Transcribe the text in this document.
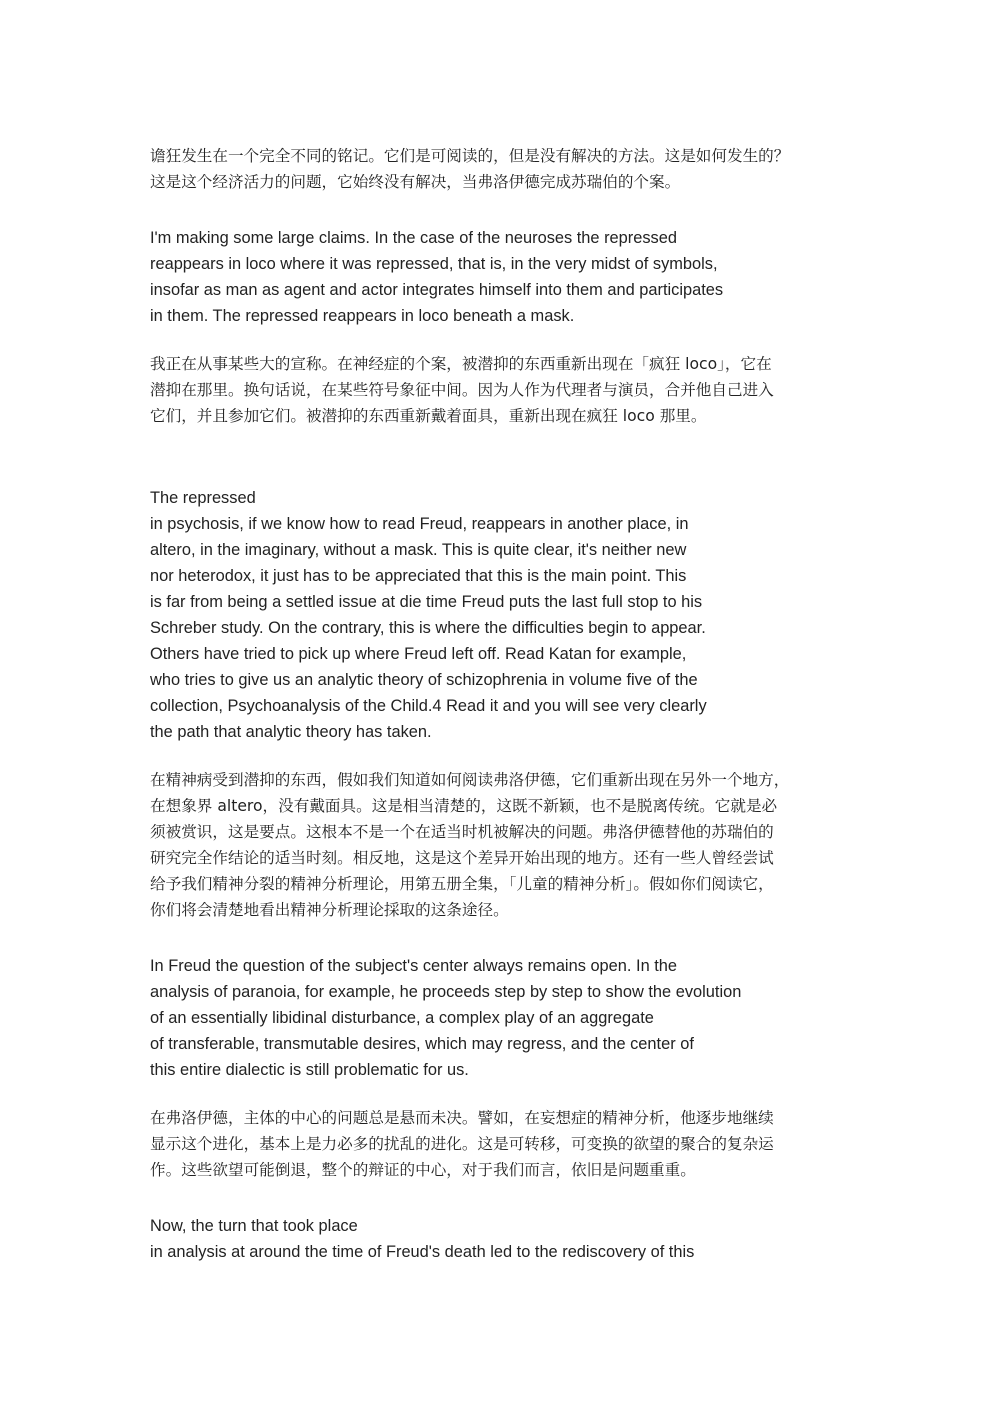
谵狂发生在一个完全不同的铭记。它们是可阅读的，但是没有解决的方法。这是如何发生的？
这是这个经济活力的问题，它始终没有解决，当弗洛伊德完成苏瑞伯的个案。
I'm making some large claims. In the case of the neuroses the repressed
reappears in loco where it was repressed, that is, in the very midst of symbols,
insofar as man as agent and actor integrates himself into them and participates
in them. The repressed reappears in loco beneath a mask.
我正在从事某些大的宣称。在神经症的个案，被潜抑的东西重新出现在「疯狂 loco」，它在
潜抑在那里。换句话说，在某些符号象征中间。因为人作为代理者与演员，合并他自己进入
它们，并且参加它们。被潜抑的东西重新戴着面具，重新出现在疯狂 loco 那里。
The repressed
in psychosis, if we know how to read Freud, reappears in another place, in
altero, in the imaginary, without a mask. This is quite clear, it's neither new
nor heterodox, it just has to be appreciated that this is the main point. This
is far from being a settled issue at die time Freud puts the last full stop to his
Schreber study. On the contrary, this is where the difficulties begin to appear.
Others have tried to pick up where Freud left off. Read Katan for example,
who tries to give us an analytic theory of schizophrenia in volume five of the
collection, Psychoanalysis of the Child.4 Read it and you will see very clearly
the path that analytic theory has taken.
在精神病受到潜抑的东西，假如我们知道如何阅读弗洛伊德，它们重新出现在另外一个地方，
在想象界 altero，没有戴面具。这是相当清楚的，这既不新颖，也不是脱离传统。它就是必
须被赏识，这是要点。这根本不是一个在适当时机被解决的问题。弗洛伊德替他的苏瑞伯的
研究完全作结论的适当时刻。相反地，这是这个差异开始出现的地方。还有一些人曾经尝试
给予我们精神分裂的精神分析理论，用第五册全集，「儿童的精神分析」。假如你们阅读它，
你们将会清楚地看出精神分析理论採取的这条途径。
In Freud the question of the subject's center always remains open. In the
analysis of paranoia, for example, he proceeds step by step to show the evolution
of an essentially libidinal disturbance, a complex play of an aggregate
of transferable, transmutable desires, which may regress, and the center of
this entire dialectic is still problematic for us.
在弗洛伊德，主体的中心的问题总是悬而未决。譬如，在妄想症的精神分析，他逐步地继续
显示这个进化，基本上是力必多的扰乱的进化。这是可转移，可变换的欲望的聚合的复杂运
作。这些欲望可能倒退，整个的辩证的中心，对于我们而言，依旧是问题重重。
Now, the turn that took place
in analysis at around the time of Freud's death led to the rediscovery of this
